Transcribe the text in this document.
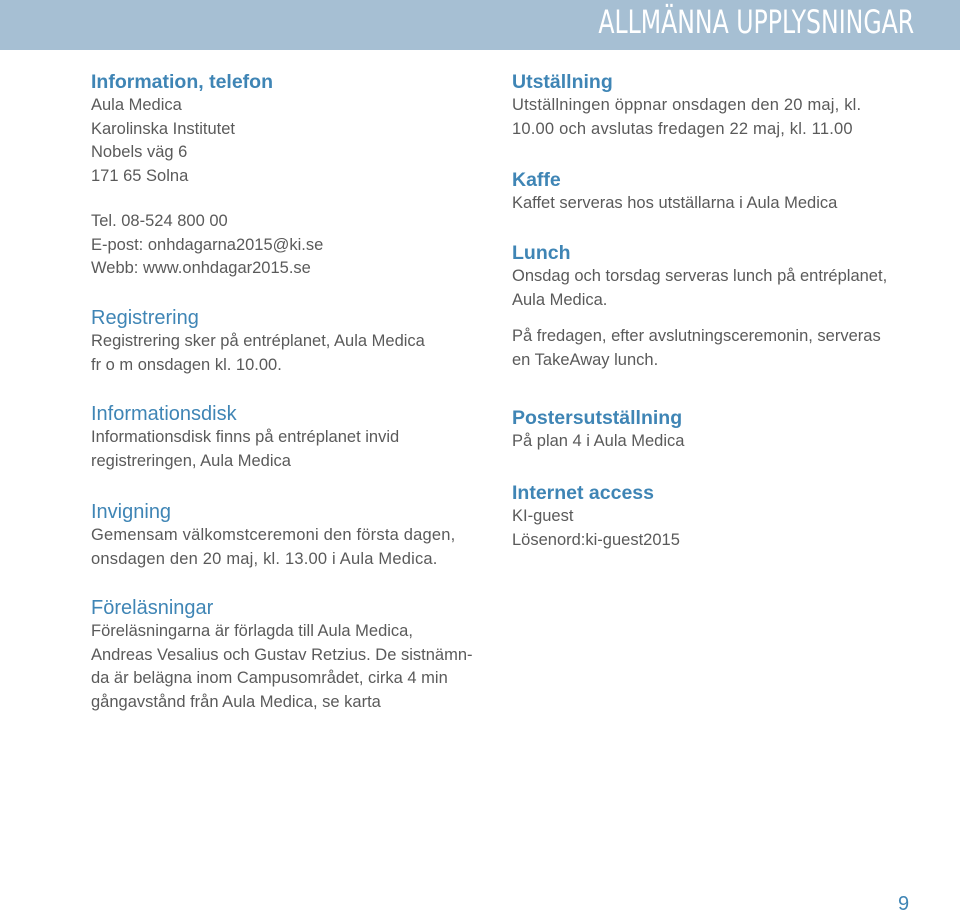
ALLMÄNNA UPPLYSNINGAR

Information, telefon

Aula Medica
Karolinska Institutet
Nobels väg 6
171 65 Solna
Tel. 08-524 800 00
E-post: onhdagarna2015@ki.se
Webb: www.onhdagar2015.se

Registrering

Registrering sker på entréplanet, Aula Medica
fr o m onsdagen kl. 10.00.

Informationsdisk

Informationsdisk finns på entréplanet invid
registreringen, Aula Medica

Invigning

Gemensam välkomstceremoni den första dagen,
onsdagen den 20 maj, kl. 13.00 i Aula Medica.

Föreläsningar

Föreläsningarna är förlagda till Aula Medica,
Andreas Vesalius och Gustav Retzius. De sistnämn-
da är belägna inom Campusområdet, cirka 4 min
gångavstånd från Aula Medica, se karta

Utställning

Utställningen öppnar onsdagen den 20 maj, kl.
10.00 och avslutas fredagen 22 maj, kl. 11.00

Kaffe

Kaffet serveras hos utställarna i Aula Medica

Lunch

Onsdag och torsdag serveras lunch på entréplanet,
Aula Medica.
På fredagen, efter avslutningsceremonin, serveras
en TakeAway lunch.

Postersutställning

På plan 4 i Aula Medica

Internet access

KI-guest
Lösenord:ki-guest2015
9
